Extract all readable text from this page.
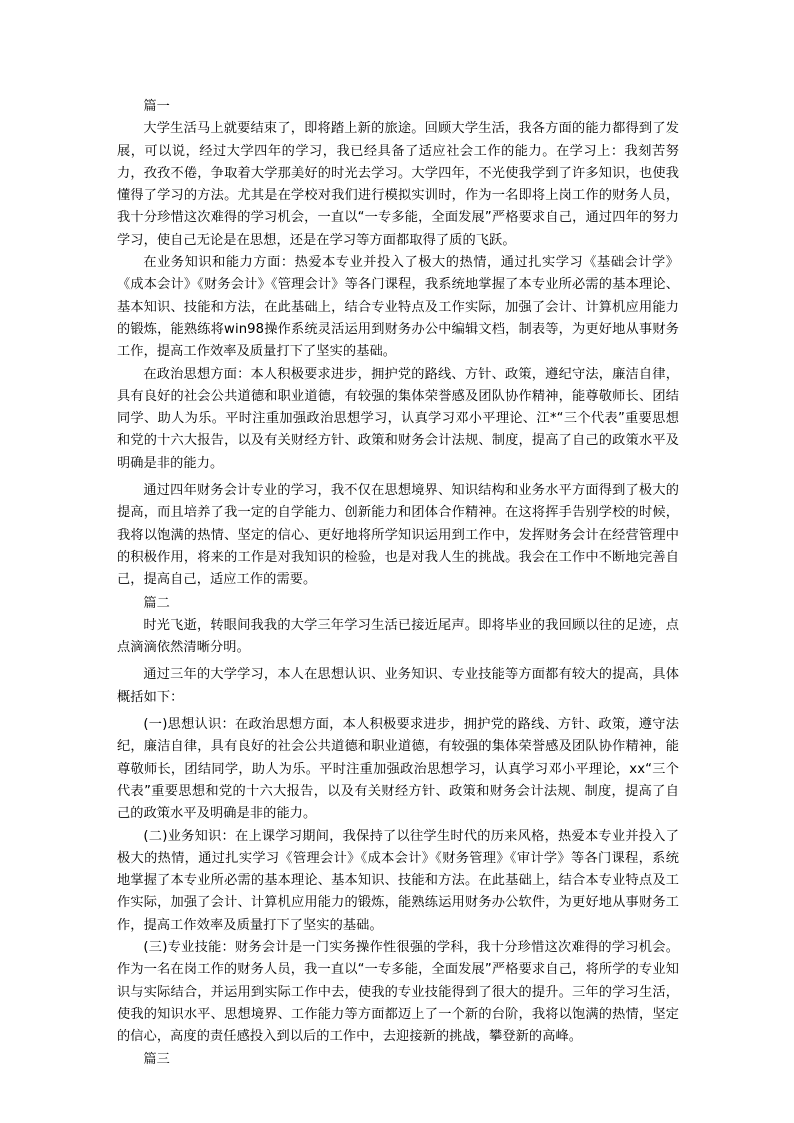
篇一

大学生活马上就要结束了，即将踏上新的旅途。回顾大学生活，我各方面的能力都得到了发展，可以说，经过大学四年的学习，我已经具备了适应社会工作的能力。在学习上：我刻苦努力，孜孜不倦，争取着大学那美好的时光去学习。大学四年，不光使我学到了许多知识，也使我懂得了学习的方法。尤其是在学校对我们进行模拟实训时，作为一名即将上岗工作的财务人员，我十分珍惜这次难得的学习机会，一直以“一专多能，全面发展”严格要求自己，通过四年的努力学习，使自己无论是在思想，还是在学习等方面都取得了质的飞跃。

在业务知识和能力方面：热爱本专业并投入了极大的热情，通过扎实学习《基础会计学》《成本会计》《财务会计》《管理会计》等各门课程，我系统地掌握了本专业所必需的基本理论、基本知识、技能和方法，在此基础上，结合专业特点及工作实际，加强了会计、计算机应用能力的锻炼，能熟练将win98操作系统灵活运用到财务办公中编辑文档，制表等，为更好地从事财务工作，提高工作效率及质量打下了坚实的基础。

在政治思想方面：本人积极要求进步，拥护党的路线、方针、政策，遵纪守法，廉洁自律，具有良好的社会公共道德和职业道德，有较强的集体荣誉感及团队协作精神，能尊敬师长、团结同学、助人为乐。平时注重加强政治思想学习，认真学习邓小平理论、江*“三个代表”重要思想和党的十六大报告，以及有关财经方针、政策和财务会计法规、制度，提高了自己的政策水平及明确是非的能力。

通过四年财务会计专业的学习，我不仅在思想境界、知识结构和业务水平方面得到了极大的提高，而且培养了我一定的自学能力、创新能力和团体合作精神。在这将挥手告别学校的时候，我将以饱满的热情、坚定的信心、更好地将所学知识运用到工作中，发挥财务会计在经营管理中的积极作用，将来的工作是对我知识的检验，也是对我人生的挑战。我会在工作中不断地完善自己，提高自己，适应工作的需要。

篇二

时光飞逝，转眼间我我的大学三年学习生活已接近尾声。即将毕业的我回顾以往的足迹，点点滴滴依然清晰分明。

通过三年的大学学习，本人在思想认识、业务知识、专业技能等方面都有较大的提高，具体概括如下：

(一)思想认识：在政治思想方面，本人积极要求进步，拥护党的路线、方针、政策，遵守法纪，廉洁自律，具有良好的社会公共道德和职业道德，有较强的集体荣誉感及团队协作精神，能尊敬师长，团结同学，助人为乐。平时注重加强政治思想学习，认真学习邓小平理论，xx“三个代表”重要思想和党的十六大报告，以及有关财经方针、政策和财务会计法规、制度，提高了自己的政策水平及明确是非的能力。

(二)业务知识：在上课学习期间，我保持了以往学生时代的历来风格，热爱本专业并投入了极大的热情，通过扎实学习《管理会计》《成本会计》《财务管理》《审计学》等各门课程，系统地掌握了本专业所必需的基本理论、基本知识、技能和方法。在此基础上，结合本专业特点及工作实际，加强了会计、计算机应用能力的锻炼，能熟练运用财务办公软件，为更好地从事财务工作，提高工作效率及质量打下了坚实的基础。

(三)专业技能：财务会计是一门实务操作性很强的学科，我十分珍惜这次难得的学习机会。作为一名在岗工作的财务人员，我一直以“一专多能，全面发展”严格要求自己，将所学的专业知识与实际结合，并运用到实际工作中去，使我的专业技能得到了很大的提升。三年的学习生活，使我的知识水平、思想境界、工作能力等方面都迈上了一个新的台阶，我将以饱满的热情，坚定的信心，高度的责任感投入到以后的工作中，去迎接新的挑战，攀登新的高峰。

篇三
